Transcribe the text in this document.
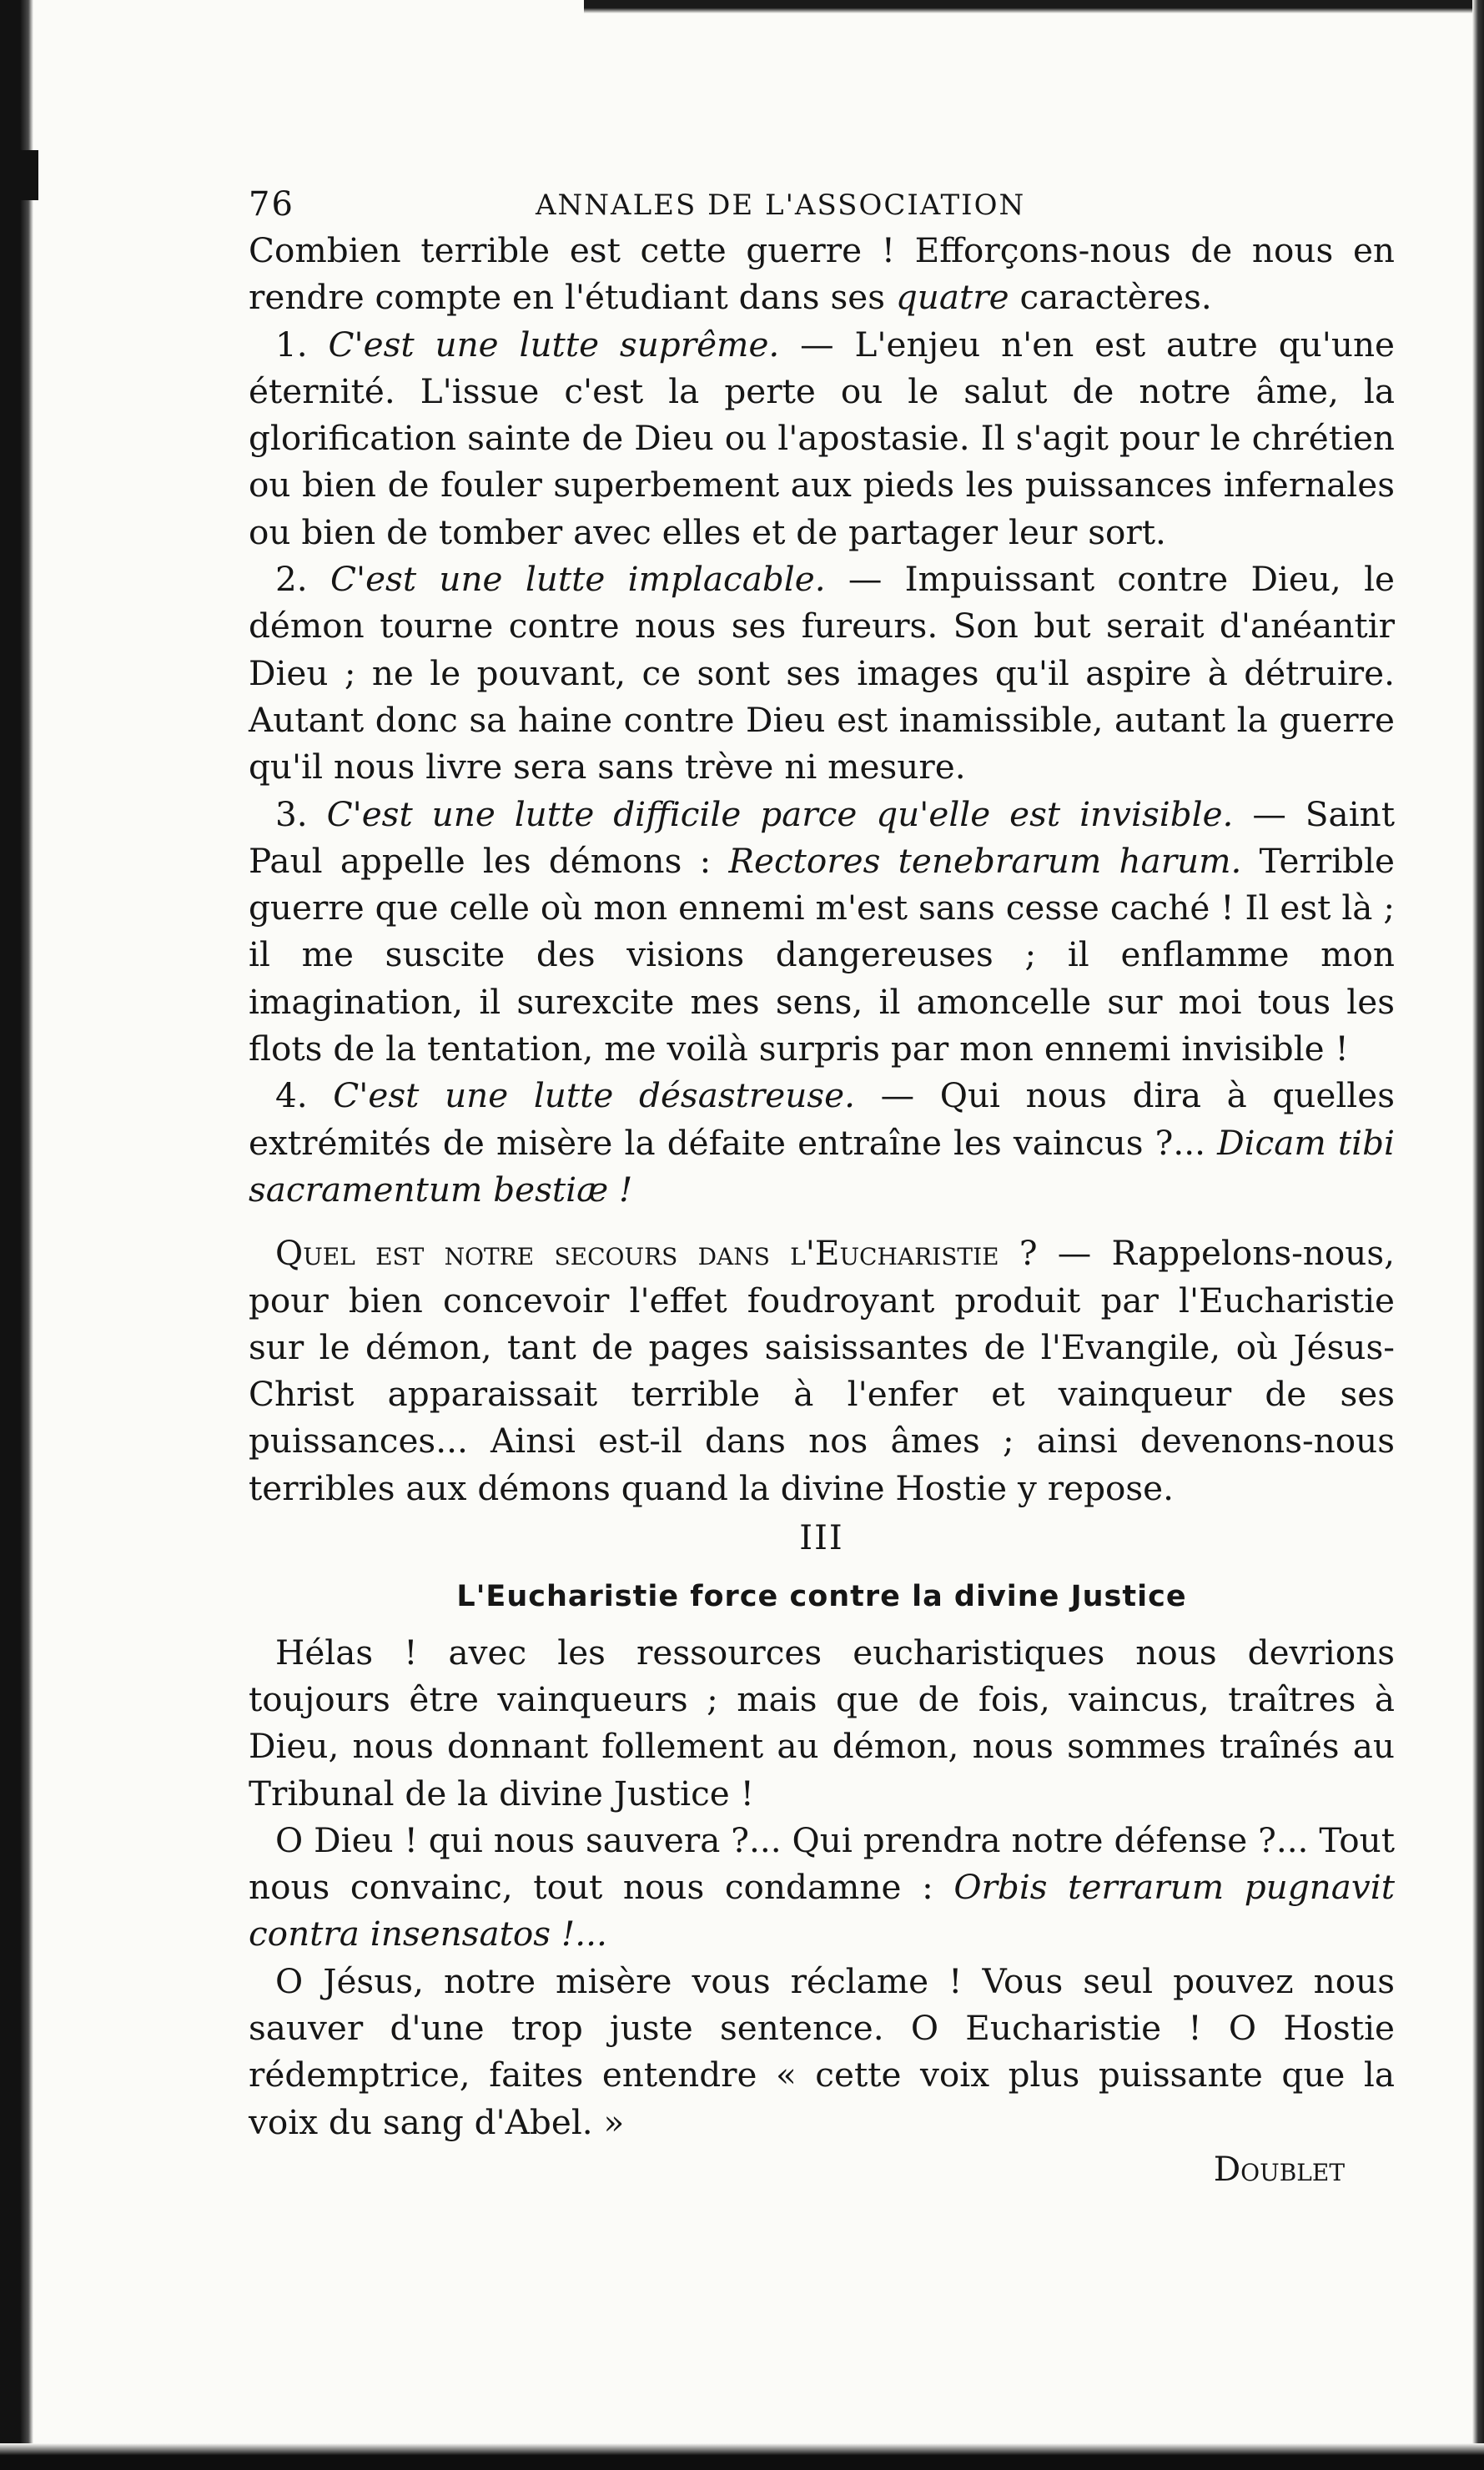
76	ANNALES DE L'ASSOCIATION

Combien terrible est cette guerre ! Efforçons-nous de nous en rendre compte en l'étudiant dans ses quatre caractères.

1. C'est une lutte suprême. — L'enjeu n'en est autre qu'une éternité. L'issue c'est la perte ou le salut de notre âme, la glorification sainte de Dieu ou l'apostasie. Il s'agit pour le chrétien ou bien de fouler superbement aux pieds les puissances infernales ou bien de tomber avec elles et de partager leur sort.

2. C'est une lutte implacable. — Impuissant contre Dieu, le démon tourne contre nous ses fureurs. Son but serait d'anéantir Dieu ; ne le pouvant, ce sont ses images qu'il aspire à détruire. Autant donc sa haine contre Dieu est inamissible, autant la guerre qu'il nous livre sera sans trève ni mesure.

3. C'est une lutte difficile parce qu'elle est invisible. — Saint Paul appelle les démons : Rectores tenebrarum harum. Terrible guerre que celle où mon ennemi m'est sans cesse caché ! Il est là ; il me suscite des visions dangereuses ; il enflamme mon imagination, il surexcite mes sens, il amoncelle sur moi tous les flots de la tentation, me voilà surpris par mon ennemi invisible !

4. C'est une lutte désastreuse. — Qui nous dira à quelles extrémités de misère la défaite entraîne les vaincus ?... Dicam tibi sacramentum bestiæ !

Quel est notre secours dans l'Eucharistie ? — Rappelons-nous, pour bien concevoir l'effet foudroyant produit par l'Eucharistie sur le démon, tant de pages saisissantes de l'Evangile, où Jésus-Christ apparaissait terrible à l'enfer et vainqueur de ses puissances... Ainsi est-il dans nos âmes ; ainsi devenons-nous terribles aux démons quand la divine Hostie y repose.

III

L'Eucharistie force contre la divine Justice

Hélas ! avec les ressources eucharistiques nous devrions toujours être vainqueurs ; mais que de fois, vaincus, traîtres à Dieu, nous donnant follement au démon, nous sommes traînés au Tribunal de la divine Justice !

O Dieu ! qui nous sauvera ?... Qui prendra notre défense ?... Tout nous convainc, tout nous condamne : Orbis terrarum pugnavit contra insensatos !...

O Jésus, notre misère vous réclame ! Vous seul pouvez nous sauver d'une trop juste sentence. O Eucharistie ! O Hostie rédemptrice, faites entendre « cette voix plus puissante que la voix du sang d'Abel. »

Doublet
